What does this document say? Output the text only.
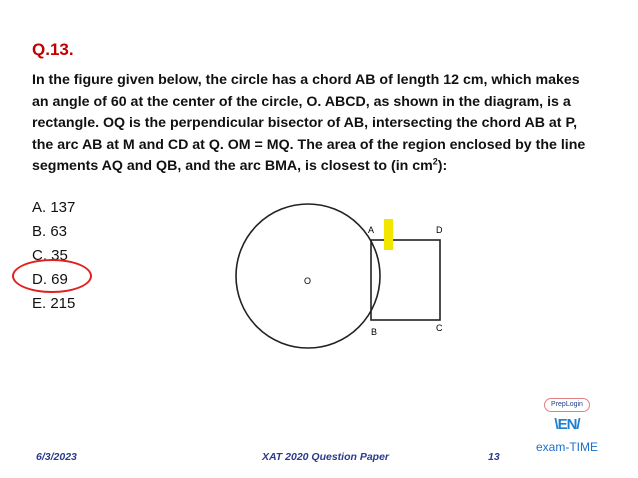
Q.13.
In the figure given below, the circle has a chord AB of length 12 cm, which makes an angle of 60 at the center of the circle, O. ABCD, as shown in the diagram, is a rectangle. OQ is the perpendicular bisector of AB, intersecting the chord AB at P, the arc AB at M and CD at Q. OM = MQ. The area of the region enclosed by the line segments AQ and QB, and the arc BMA, is closest to (in $cm^2$):
A. 137
B. 63
C. 35
D. 69
E. 215
O
A
B	C
D
6/3/2023	XAT 2020 Question Paper	13
PrepLogin
\EN/
exam-TIME
